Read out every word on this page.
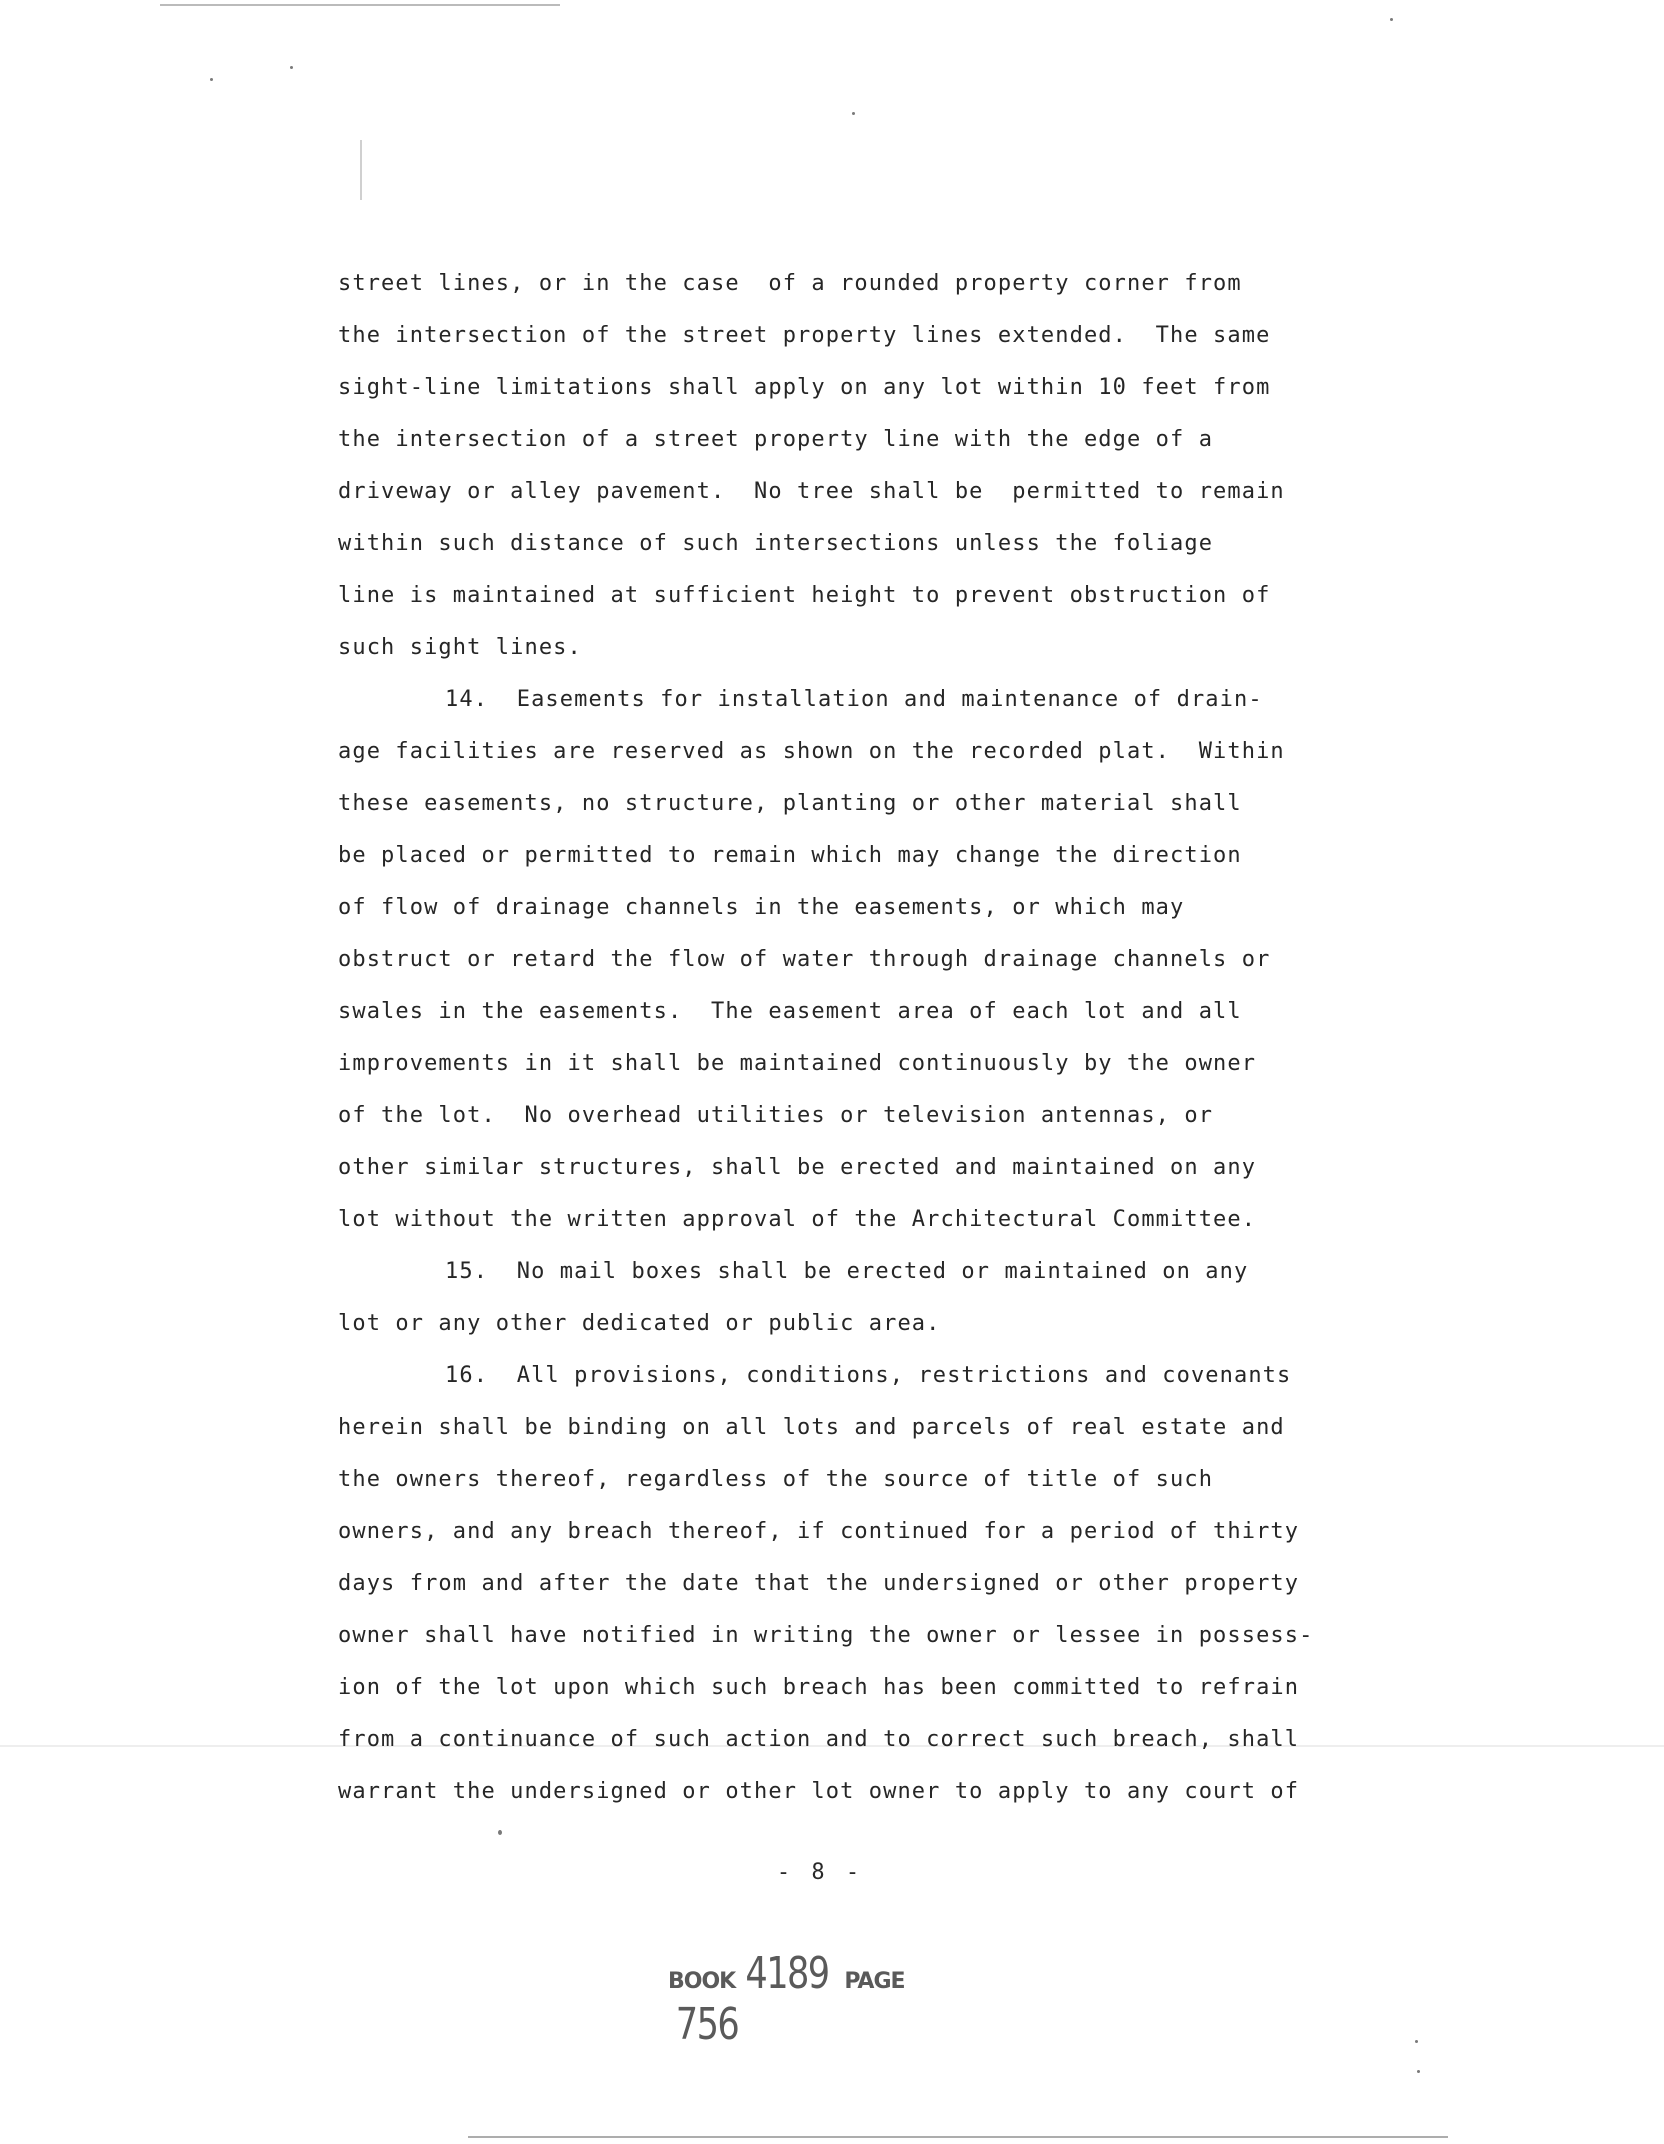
street lines, or in the case  of a rounded property corner from
the intersection of the street property lines extended.  The same
sight-line limitations shall apply on any lot within 10 feet from
the intersection of a street property line with the edge of a
driveway or alley pavement.  No tree shall be  permitted to remain
within such distance of such intersections unless the foliage
line is maintained at sufficient height to prevent obstruction of
such sight lines.
14.  Easements for installation and maintenance of drain-
age facilities are reserved as shown on the recorded plat.  Within
these easements, no structure, planting or other material shall
be placed or permitted to remain which may change the direction
of flow of drainage channels in the easements, or which may
obstruct or retard the flow of water through drainage channels or
swales in the easements.  The easement area of each lot and all
improvements in it shall be maintained continuously by the owner
of the lot.  No overhead utilities or television antennas, or
other similar structures, shall be erected and maintained on any
lot without the written approval of the Architectural Committee.
15.  No mail boxes shall be erected or maintained on any
lot or any other dedicated or public area.
16.  All provisions, conditions, restrictions and covenants
herein shall be binding on all lots and parcels of real estate and
the owners thereof, regardless of the source of title of such
owners, and any breach thereof, if continued for a period of thirty
days from and after the date that the undersigned or other property
owner shall have notified in writing the owner or lessee in possess-
ion of the lot upon which such breach has been committed to refrain
from a continuance of such action and to correct such breach, shall
warrant the undersigned or other lot owner to apply to any court of
- 8 -
BOOK 4189 PAGE756
